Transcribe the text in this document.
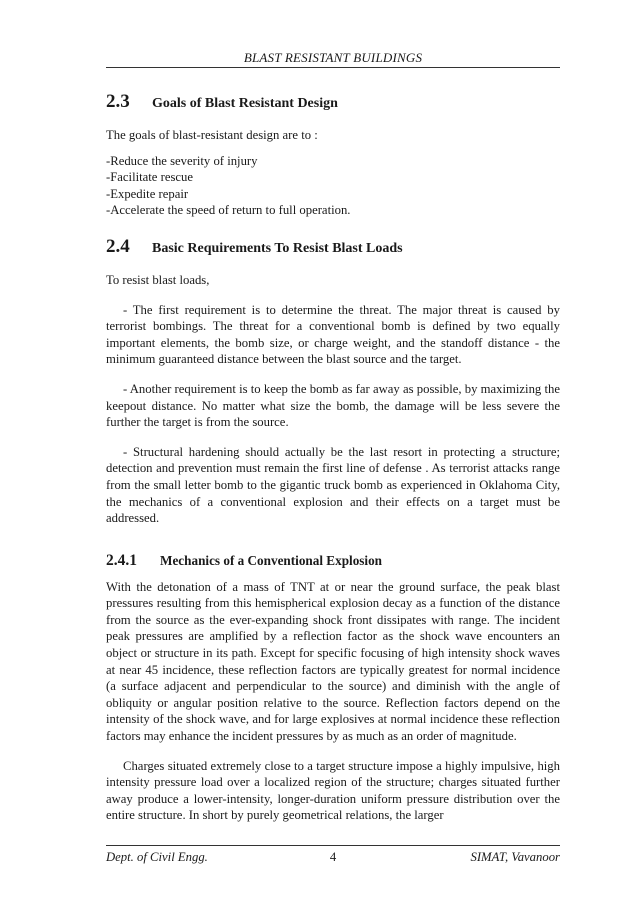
BLAST RESISTANT BUILDINGS
2.3	Goals of Blast Resistant Design

The goals of blast-resistant design are to :

-Reduce the severity of injury
-Facilitate rescue
-Expedite repair
-Accelerate the speed of return to full operation.
2.4	Basic Requirements To Resist Blast Loads

To resist blast loads,

- The first requirement is to determine the threat. The major threat is caused by terrorist bombings. The threat for a conventional bomb is defined by two equally important elements, the bomb size, or charge weight, and the standoff distance - the minimum guaranteed distance between the blast source and the target.

- Another requirement is to keep the bomb as far away as possible, by maximizing the keepout distance. No matter what size the bomb, the damage will be less severe the further the target is from the source.

- Structural hardening should actually be the last resort in protecting a structure; detection and prevention must remain the first line of defense . As terrorist attacks range from the small letter bomb to the gigantic truck bomb as experienced in Oklahoma City, the mechanics of a conventional explosion and their effects on a target must be addressed.

2.4.1	Mechanics of a Conventional Explosion

With the detonation of a mass of TNT at or near the ground surface, the peak blast pressures resulting from this hemispherical explosion decay as a function of the distance from the source as the ever-expanding shock front dissipates with range. The incident peak pressures are amplified by a reflection factor as the shock wave encounters an object or structure in its path. Except for specific focusing of high intensity shock waves at near 45 incidence, these reflection factors are typically greatest for normal incidence (a surface adjacent and perpendicular to the source) and diminish with the angle of obliquity or angular position relative to the source. Reflection factors depend on the intensity of the shock wave, and for large explosives at normal incidence these reflection factors may enhance the incident pressures by as much as an order of magnitude.

Charges situated extremely close to a target structure impose a highly impulsive, high intensity pressure load over a localized region of the structure; charges situated further away produce a lower-intensity, longer-duration uniform pressure distribution over the entire structure. In short by purely geometrical relations, the larger

Dept. of Civil Engg.	4	SIMAT, Vavanoor
